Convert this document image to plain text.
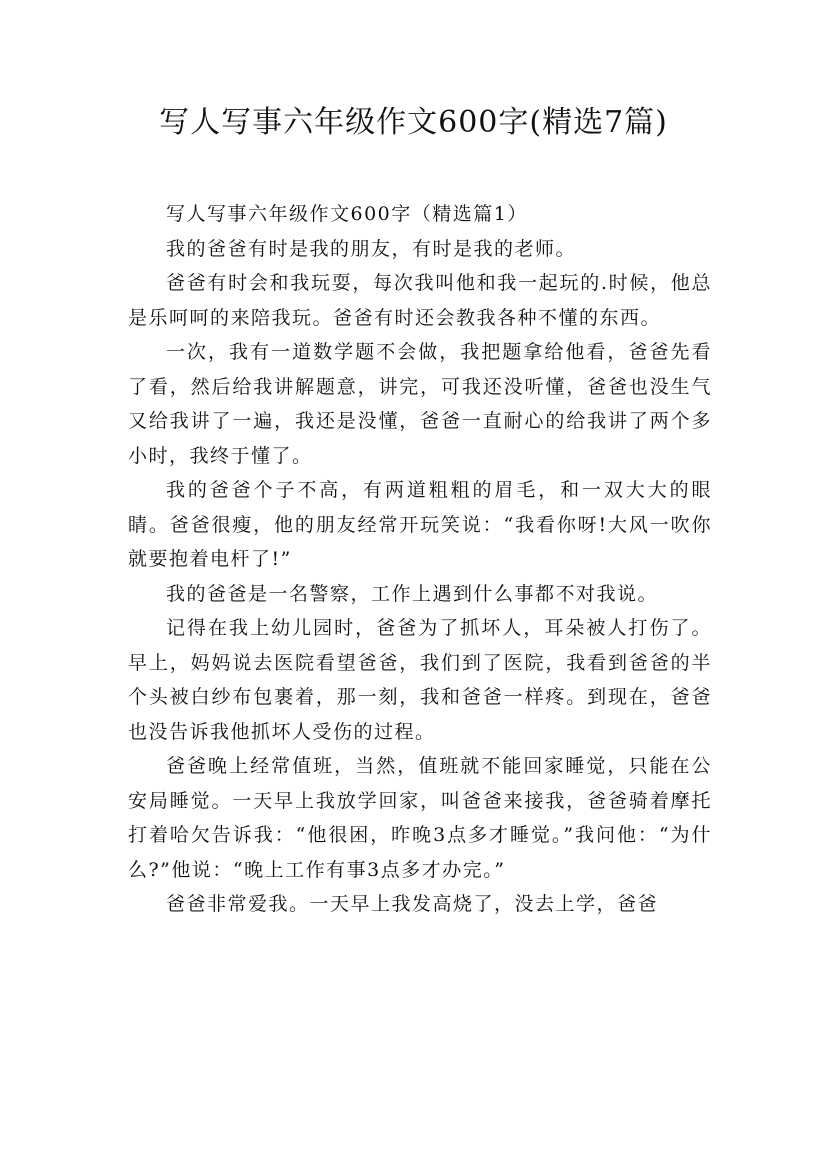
写人写事六年级作文600字(精选7篇)

写人写事六年级作文600字（精选篇1）

我的爸爸有时是我的朋友，有时是我的老师。

爸爸有时会和我玩耍，每次我叫他和我一起玩的.时候，他总是乐呵呵的来陪我玩。爸爸有时还会教我各种不懂的东西。

一次，我有一道数学题不会做，我把题拿给他看，爸爸先看了看，然后给我讲解题意，讲完，可我还没听懂，爸爸也没生气又给我讲了一遍，我还是没懂，爸爸一直耐心的给我讲了两个多小时，我终于懂了。

我的爸爸个子不高，有两道粗粗的眉毛，和一双大大的眼睛。爸爸很瘦，他的朋友经常开玩笑说：“我看你呀!大风一吹你就要抱着电杆了!”

我的爸爸是一名警察，工作上遇到什么事都不对我说。

记得在我上幼儿园时，爸爸为了抓坏人，耳朵被人打伤了。早上，妈妈说去医院看望爸爸，我们到了医院，我看到爸爸的半个头被白纱布包裹着，那一刻，我和爸爸一样疼。到现在，爸爸也没告诉我他抓坏人受伤的过程。

爸爸晚上经常值班，当然，值班就不能回家睡觉，只能在公安局睡觉。一天早上我放学回家，叫爸爸来接我，爸爸骑着摩托打着哈欠告诉我：“他很困，昨晚3点多才睡觉。”我问他：“为什么?”他说：“晚上工作有事3点多才办完。”

爸爸非常爱我。一天早上我发高烧了，没去上学，爸爸
